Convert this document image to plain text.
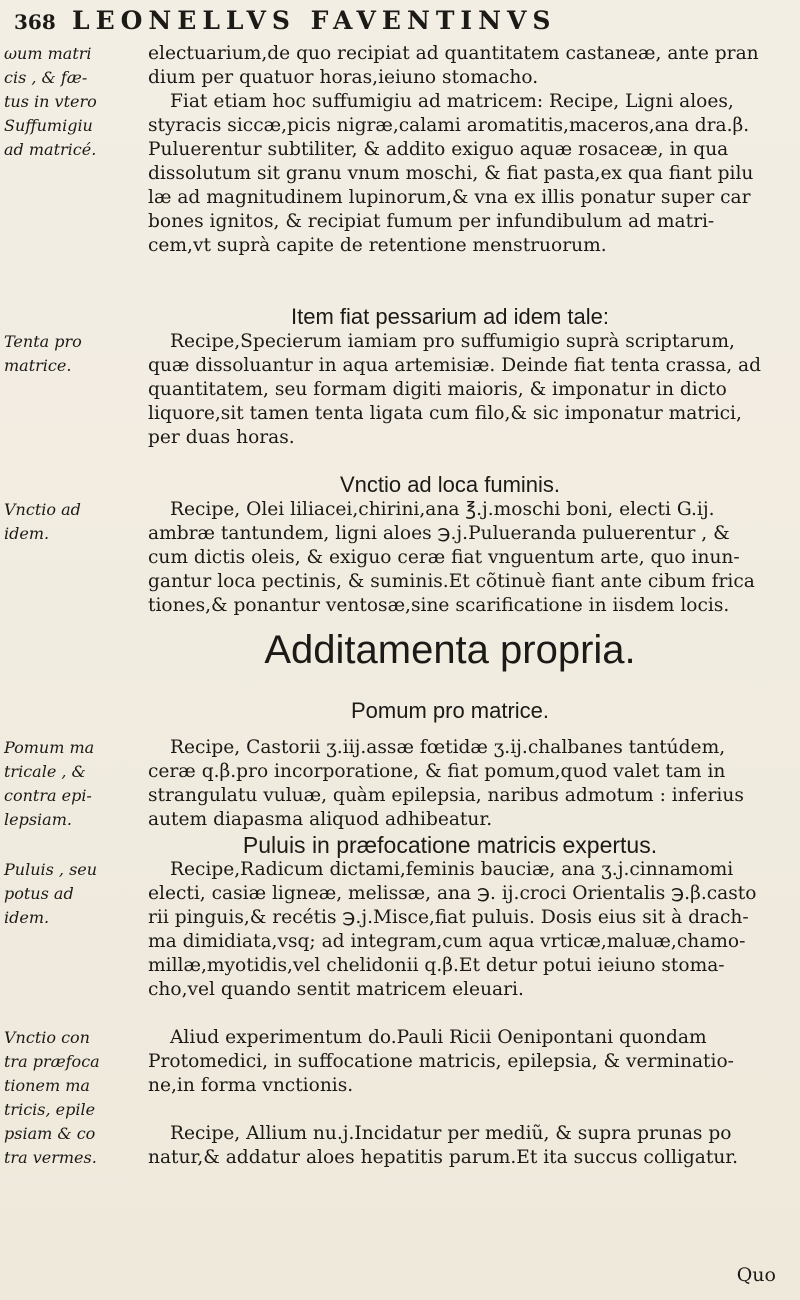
368 LEONELLVS FAVENTINVS
ωum matri
cis , & fæ-
tus in vtero
Suffumigiu
ad matricé.
Tenta pro
matrice.
Vnctio ad
idem.
Pomum ma
tricale , &
contra epi-
lepsiam.
Puluis , seu
potus ad
idem.
Vnctio con
tra præfoca
tionem ma
tricis, epile
psiam & co
tra vermes.
electuarium,de quo recipiat ad quantitatem castaneæ, ante pran
dium per quatuor horas,ieiuno stomacho.
Fiat etiam hoc suffumigiu ad matricem: Recipe, Ligni aloes,
styracis siccæ,picis nigræ,calami aromatitis,maceros,ana dra.β.
Puluerentur subtiliter, & addito exiguo aquæ rosaceæ, in qua
dissolutum sit granu vnum moschi, & fiat pasta,ex qua fiant pilu
læ ad magnitudinem lupinorum,& vna ex illis ponatur super car
bones ignitos, & recipiat fumum per infundibulum ad matri-
cem,vt suprà capite de retentione menstruorum.
Recipe,Specierum iamiam pro suffumigio suprà scriptarum,
quæ dissoluantur in aqua artemisiæ. Deinde fiat tenta crassa, ad
quantitatem, seu formam digiti maioris, & imponatur in dicto
liquore,sit tamen tenta ligata cum filo,& sic imponatur matrici,
per duas horas.
Recipe, Olei liliacei,chirini,ana ℥.j.moschi boni, electi G.ij.
ambræ tantundem, ligni aloes ℈.j.Pulueranda puluerentur , &
cum dictis oleis, & exiguo ceræ fiat vnguentum arte, quo inun-
gantur loca pectinis, & suminis.Et cõtinuè fiant ante cibum frica
tiones,& ponantur ventosæ,sine scarificatione in iisdem locis.
Recipe, Castorii ʒ.iij.assæ fœtidæ ʒ.ij.chalbanes tantúdem,
ceræ q.β.pro incorporatione, & fiat pomum,quod valet tam in
strangulatu vuluæ, quàm epilepsia, naribus admotum : inferius
autem diapasma aliquod adhibeatur.
Recipe,Radicum dictami,feminis bauciæ, ana ʒ.j.cinnamomi
electi, casiæ ligneæ, melissæ, ana ℈. ij.croci Orientalis ℈.β.casto
rii pinguis,& recétis ℈.j.Misce,fiat puluis. Dosis eius sit à drach-
ma dimidiata,vsq; ad integram,cum aqua vrticæ,maluæ,chamo-
millæ,myotidis,vel chelidonii q.β.Et detur potui ieiuno stoma-
cho,vel quando sentit matricem eleuari.
Aliud experimentum do.Pauli Ricii Oenipontani quondam
Protomedici, in suffocatione matricis, epilepsia, & verminatio-
ne,in forma vnctionis.
Recipe, Allium nu.j.Incidatur per mediũ, & supra prunas po
natur,& addatur aloes hepatitis parum.Et ita succus colligatur.
Item fiat pessarium ad idem tale:
Vnctio ad loca fuminis.
Additamenta propria.
Pomum pro matrice.
Puluis in præfocatione matricis expertus.
Quo
